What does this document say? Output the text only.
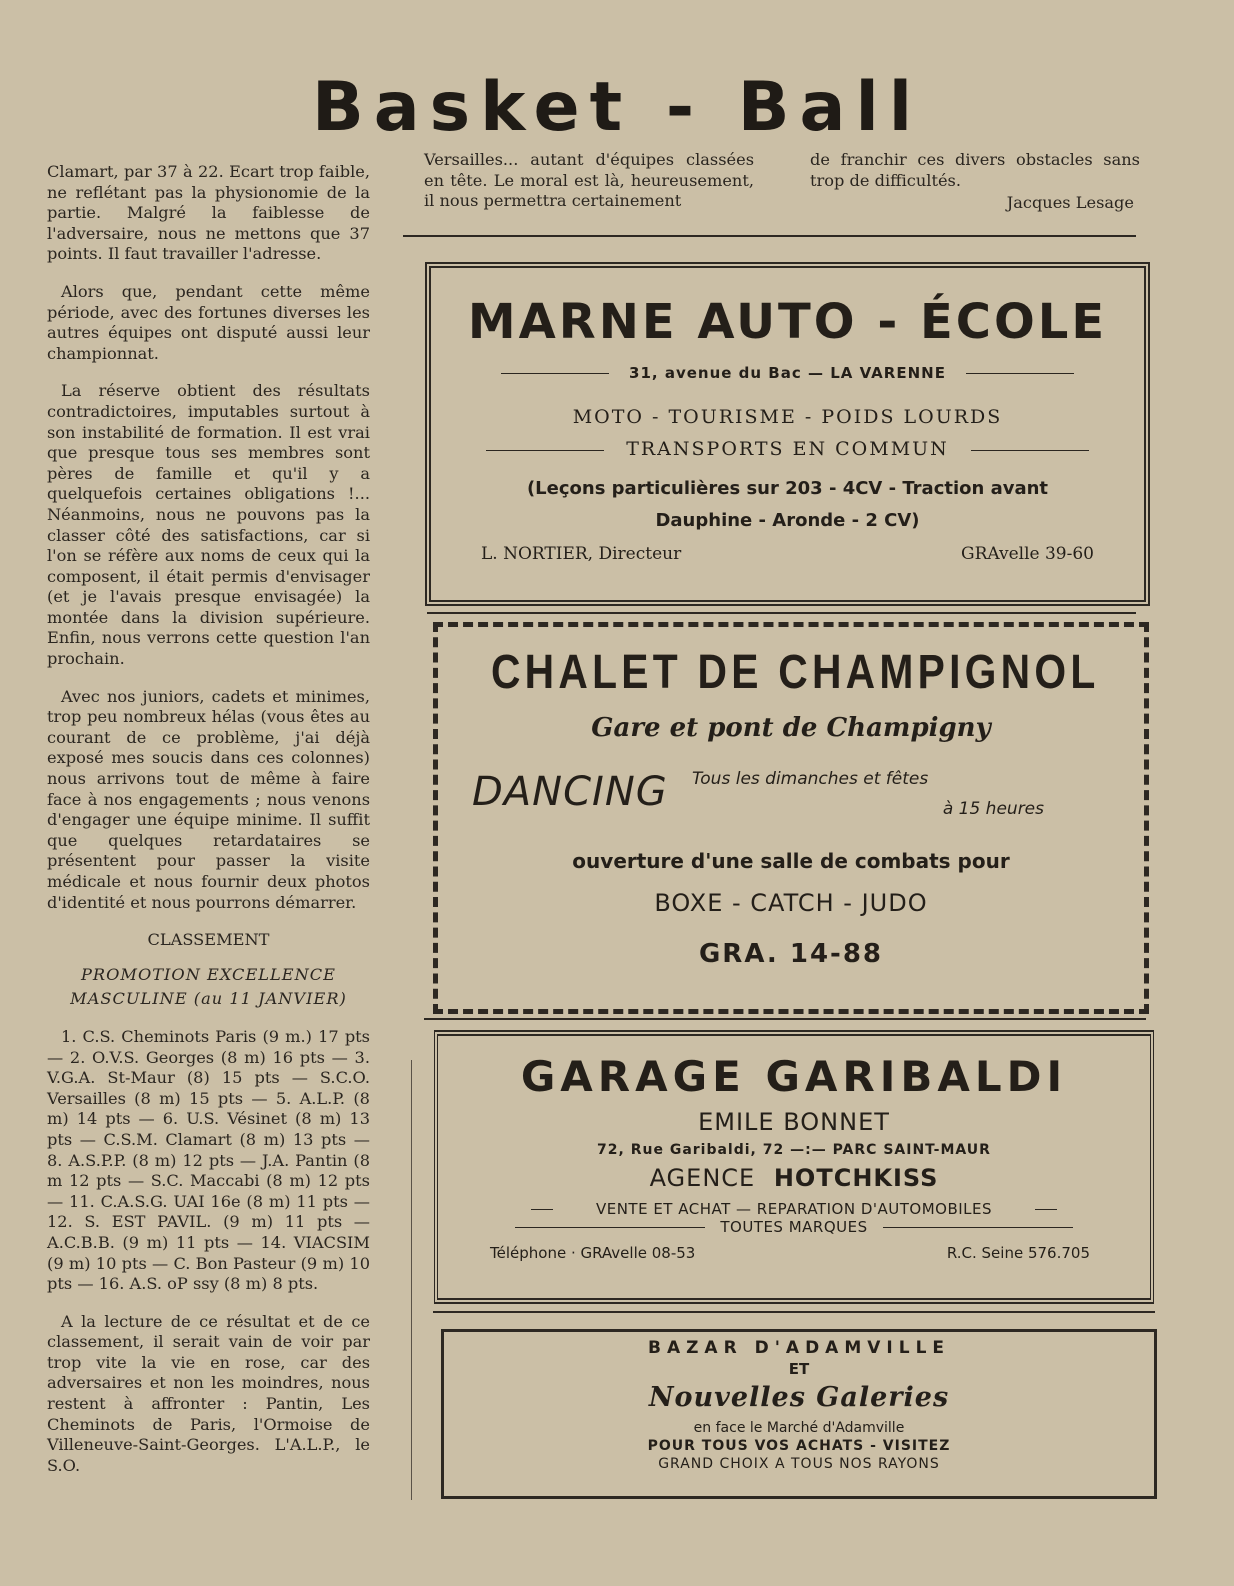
Basket - Ball

Versailles... autant d'équipes classées en tête. Le moral est là, heureusement, il nous permettra certainement

de franchir ces divers obstacles sans trop de difficultés.

Jacques Lesage

Clamart, par 37 à 22. Ecart trop faible, ne reflétant pas la physionomie de la partie. Malgré la faiblesse de l'adversaire, nous ne mettons que 37 points. Il faut travailler l'adresse.

Alors que, pendant cette même période, avec des fortunes diverses les autres équipes ont disputé aussi leur championnat.

La réserve obtient des résultats contradictoires, imputables surtout à son instabilité de formation. Il est vrai que presque tous ses membres sont pères de famille et qu'il y a quelquefois certaines obligations !... Néanmoins, nous ne pouvons pas la classer côté des satisfactions, car si l'on se réfère aux noms de ceux qui la composent, il était permis d'envisager (et je l'avais presque envisagée) la montée dans la division supérieure. Enfin, nous verrons cette question l'an prochain.

Avec nos juniors, cadets et minimes, trop peu nombreux hélas (vous êtes au courant de ce problème, j'ai déjà exposé mes soucis dans ces colonnes) nous arrivons tout de même à faire face à nos engagements ; nous venons d'engager une équipe minime. Il suffit que quelques retardataires se présentent pour passer la visite médicale et nous fournir deux photos d'identité et nous pourrons démarrer.

CLASSEMENT

PROMOTION EXCELLENCE

MASCULINE (au 11 JANVIER)

1. C.S. Cheminots Paris (9 m.) 17 pts — 2. O.V.S. Georges (8 m) 16 pts — 3. V.G.A. St-Maur (8) 15 pts — S.C.O. Versailles (8 m) 15 pts — 5. A.L.P. (8 m) 14 pts — 6. U.S. Vésinet (8 m) 13 pts — C.S.M. Clamart (8 m) 13 pts — 8. A.S.P.P. (8 m) 12 pts — J.A. Pantin (8 m 12 pts — S.C. Maccabi (8 m) 12 pts — 11. C.A.S.G. UAI 16e (8 m) 11 pts — 12. S. EST PAVIL. (9 m) 11 pts — A.C.B.B. (9 m) 11 pts — 14. VIACSIM (9 m) 10 pts — C. Bon Pasteur (9 m) 10 pts — 16. A.S. oP ssy (8 m) 8 pts.

A la lecture de ce résultat et de ce classement, il serait vain de voir par trop vite la vie en rose, car des adversaires et non les moindres, nous restent à affronter : Pantin, Les Cheminots de Paris, l'Ormoise de Villeneuve-Saint-Georges. L'A.L.P., le S.O.

MARNE AUTO - ÉCOLE
31, avenue du Bac — LA VARENNE
MOTO - TOURISME - POIDS LOURDS
TRANSPORTS EN COMMUN
(Leçons particulières sur 203 - 4CV - Traction avant
Dauphine - Aronde - 2 CV)
L. NORTIER, Directeur	GRAvelle 39-60
CHALET DE CHAMPIGNOL
Gare et pont de Champigny
DANCING	Tous les dimanches et fêtes
à 15 heures
ouverture d'une salle de combats pour
BOXE - CATCH - JUDO
GRA. 14-88
GARAGE GARIBALDI
EMILE BONNET
72, Rue Garibaldi, 72 —:— PARC SAINT-MAUR
AGENCE HOTCHKISS
VENTE ET ACHAT — REPARATION D'AUTOMOBILES
TOUTES MARQUES
Téléphone · GRAvelle 08-53	R.C. Seine 576.705
BAZAR D'ADAMVILLE
ET
Nouvelles Galeries
en face le Marché d'Adamville
POUR TOUS VOS ACHATS - VISITEZ
GRAND CHOIX A TOUS NOS RAYONS
